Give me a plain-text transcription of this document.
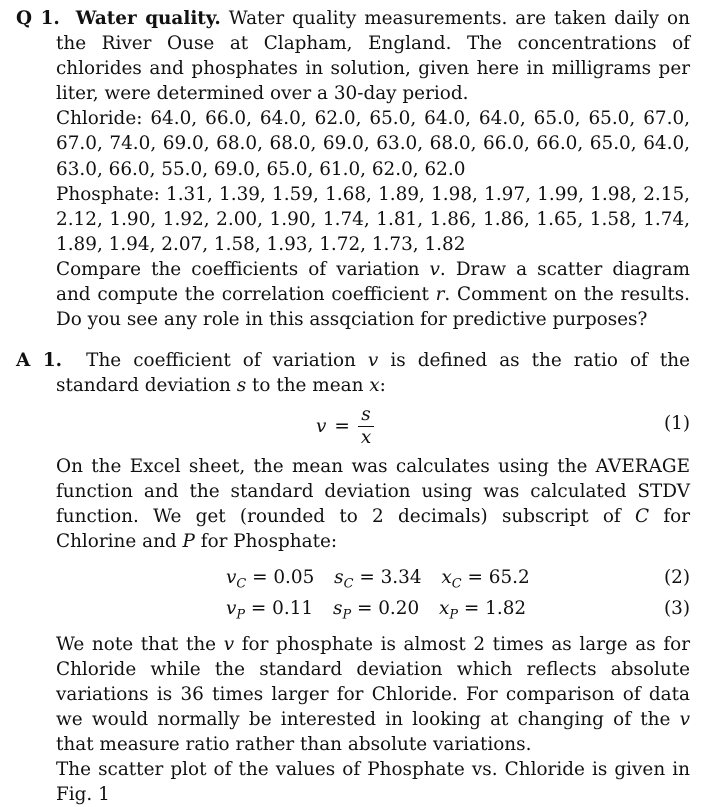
Q 1. Water quality. Water quality measurements. are taken daily on the River Ouse at Clapham, England. The concentrations of chlorides and phosphates in solution, given here in milligrams per liter, were determined over a 30-day period.

Chloride: 64.0, 66.0, 64.0, 62.0, 65.0, 64.0, 64.0, 65.0, 65.0, 67.0, 67.0, 74.0, 69.0, 68.0, 68.0, 69.0, 63.0, 68.0, 66.0, 66.0, 65.0, 64.0, 63.0, 66.0, 55.0, 69.0, 65.0, 61.0, 62.0, 62.0

Phosphate: 1.31, 1.39, 1.59, 1.68, 1.89, 1.98, 1.97, 1.99, 1.98, 2.15, 2.12, 1.90, 1.92, 2.00, 1.90, 1.74, 1.81, 1.86, 1.86, 1.65, 1.58, 1.74, 1.89, 1.94, 2.07, 1.58, 1.93, 1.72, 1.73, 1.82

Compare the coefficients of variation v. Draw a scatter diagram and compute the correlation coefficient r. Comment on the results. Do you see any role in this assqciation for predictive purposes?

A 1. The coefficient of variation v is defined as the ratio of the standard deviation s to the mean x:

$v = \frac{s}{x}$	(1)

On the Excel sheet, the mean was calculates using the AVERAGE function and the standard deviation using was calculated STDV function. We get (rounded to 2 decimals) subscript of C for Chlorine and P for Phosphate:

$v_C = 0.05$ $s_C = 3.34$ $x_C = 65.2$	(2)
$v_P = 0.11$ $s_P = 0.20$ $x_P = 1.82$	(3)

We note that the v for phosphate is almost 2 times as large as for Chloride while the standard deviation which reflects absolute variations is 36 times larger for Chloride. For comparison of data we would normally be interested in looking at changing of the v that measure ratio rather than absolute variations.

The scatter plot of the values of Phosphate vs. Chloride is given in Fig. 1
